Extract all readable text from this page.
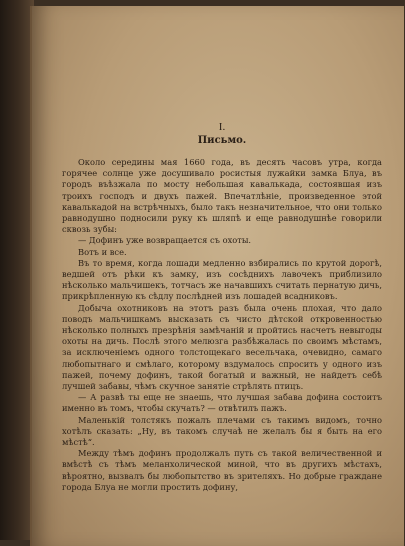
I.
Письмо.

Около середины мая 1660 года, въ десять часовъ утра, когда горячее солнце уже досушивало росистыя лужайки замка Блуа, въ городъ въѣзжала по мосту небольшая кавалькада, состоявшая изъ троихъ господъ и двухъ пажей. Впечатлѣніе, произведенное этой кавалькадой на встрѣчныхъ, было такъ незначительное, что они только равнодушно подносили руку къ шляпѣ и еще равнодушнѣе говорили сквозь зубы:

— Дофинъ уже возвращается съ охоты.

Вотъ и все.

Въ то время, когда лошади медленно взбирались по крутой дорогѣ, ведшей отъ рѣки къ замку, изъ сосѣднихъ лавочекъ приблизило нѣсколько мальчишекъ, тотчасъ же начавшихъ считать пернатую дичь, прикрѣпленную къ сѣдлу послѣдней изъ лошадей всадниковъ.

Добыча охотниковъ на этотъ разъ была очень плохая, что дало поводъ мальчишкамъ высказать съ чисто дѣтской откровенностью нѣсколько полныхъ презрѣнія замѣчаній и пройтись насчетъ невыгоды охоты на дичь. Послѣ этого мелюзга разбѣжалась по своимъ мѣстамъ, за исключеніемъ одного толстощекаго весельчака, очевидно, самаго любопытнаго и смѣлаго, которому вздумалось спросить у одного изъ пажей, почему дофинъ, такой богатый и важный, не найдетъ себѣ лучшей забавы, чѣмъ скучное занятіе стрѣлять птицъ.

— А развѣ ты еще не знаешь, что лучшая забава дофина состоитъ именно въ томъ, чтобы скучать? — отвѣтилъ пажъ.

Маленькій толстякъ пожалъ плечами съ такимъ видомъ, точно хотѣлъ сказать: „Ну, въ такомъ случаѣ не желалъ бы я быть на его мѣстѣ“.

Между тѣмъ дофинъ продолжалъ путь съ такой величественной и вмѣстѣ съ тѣмъ меланхолической миной, что въ другихъ мѣстахъ, вѣроятно, вызвалъ бы любопытство въ зрителяхъ. Но добрые граждане города Блуа не могли простить дофину,
